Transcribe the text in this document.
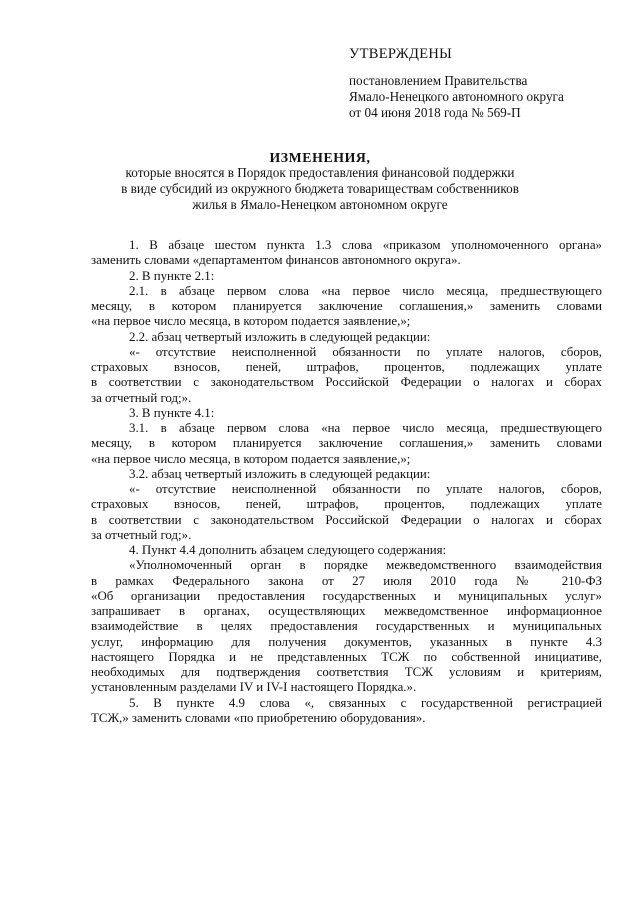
УТВЕРЖДЕНЫ
постановлением Правительства
Ямало-Ненецкого автономного округа
от 04 июня 2018 года № 569-П
ИЗМЕНЕНИЯ,
которые вносятся в Порядок предоставления финансовой поддержки
в виде субсидий из окружного бюджета товариществам собственников
жилья в Ямало-Ненецком автономном округе
1. В абзаце шестом пункта 1.3 слова «приказом уполномоченного органа»
заменить словами «департаментом финансов автономного округа».
2. В пункте 2.1:
2.1. в абзаце первом слова «на первое число месяца, предшествующего
месяцу, в котором планируется заключение соглашения,» заменить словами
«на первое число месяца, в котором подается заявление,»;
2.2. абзац четвертый изложить в следующей редакции:
«- отсутствие неисполненной обязанности по уплате налогов, сборов,
страховых взносов, пеней, штрафов, процентов, подлежащих уплате
в соответствии с законодательством Российской Федерации о налогах и сборах
за отчетный год;».
3. В пункте 4.1:
3.1. в абзаце первом слова «на первое число месяца, предшествующего
месяцу, в котором планируется заключение соглашения,» заменить словами
«на первое число месяца, в котором подается заявление,»;
3.2. абзац четвертый изложить в следующей редакции:
«- отсутствие неисполненной обязанности по уплате налогов, сборов,
страховых взносов, пеней, штрафов, процентов, подлежащих уплате
в соответствии с законодательством Российской Федерации о налогах и сборах
за отчетный год;».
4. Пункт 4.4 дополнить абзацем следующего содержания:
«Уполномоченный орган в порядке межведомственного взаимодействия
в рамках Федерального закона от 27 июля 2010 года № 210-ФЗ
«Об организации предоставления государственных и муниципальных услуг»
запрашивает в органах, осуществляющих межведомственное информационное
взаимодействие в целях предоставления государственных и муниципальных
услуг, информацию для получения документов, указанных в пункте 4.3
настоящего Порядка и не представленных ТСЖ по собственной инициативе,
необходимых для подтверждения соответствия ТСЖ условиям и критериям,
установленным разделами IV и IV-I настоящего Порядка.».
5. В пункте 4.9 слова «, связанных с государственной регистрацией
ТСЖ,» заменить словами «по приобретению оборудования».
